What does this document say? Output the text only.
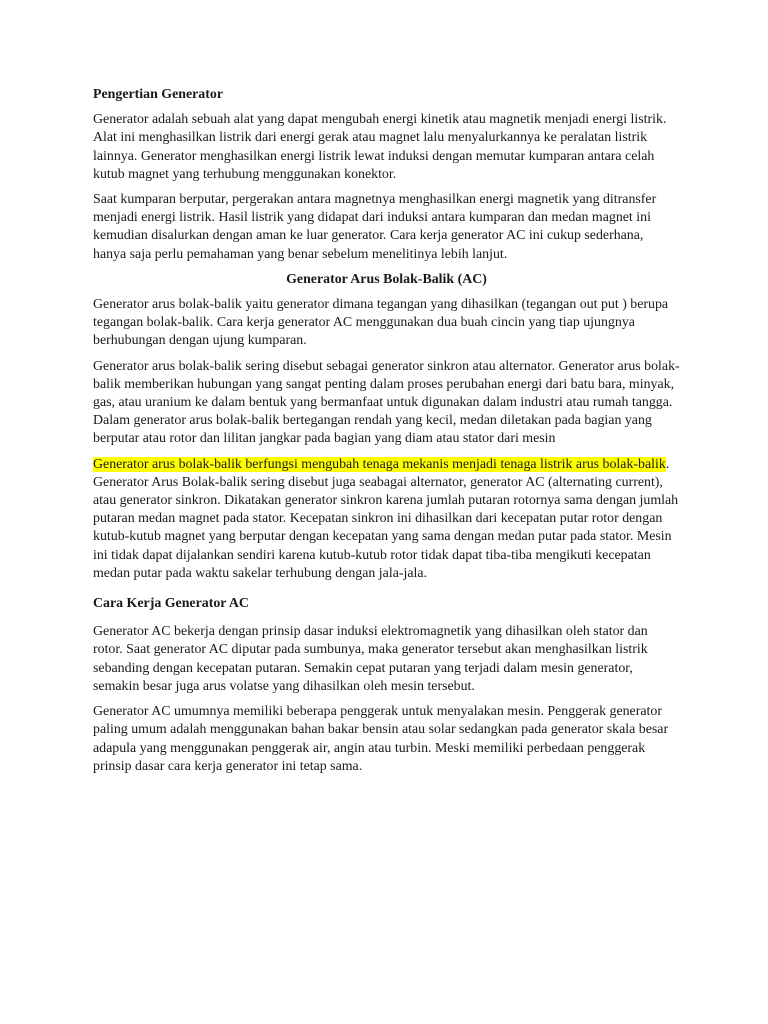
Pengertian Generator

Generator adalah sebuah alat yang dapat mengubah energi kinetik atau magnetik menjadi energi listrik. Alat ini menghasilkan listrik dari energi gerak atau magnet lalu menyalurkannya ke peralatan listrik lainnya. Generator menghasilkan energi listrik lewat induksi dengan memutar kumparan antara celah kutub magnet yang terhubung menggunakan konektor.

Saat kumparan berputar, pergerakan antara magnetnya menghasilkan energi magnetik yang ditransfer menjadi energi listrik. Hasil listrik yang didapat dari induksi antara kumparan dan medan magnet ini kemudian disalurkan dengan aman ke luar generator. Cara kerja generator AC ini cukup sederhana, hanya saja perlu pemahaman yang benar sebelum menelitinya lebih lanjut.

Generator Arus Bolak-Balik (AC)

Generator arus bolak-balik yaitu generator dimana tegangan yang dihasilkan (tegangan out put ) berupa tegangan bolak-balik. Cara kerja generator AC menggunakan dua buah cincin yang tiap ujungnya berhubungan dengan ujung kumparan.

Generator arus bolak-balik sering disebut sebagai generator sinkron atau alternator. Generator arus bolak-balik memberikan hubungan yang sangat penting dalam proses perubahan energi dari batu bara, minyak, gas, atau uranium ke dalam bentuk yang bermanfaat untuk digunakan dalam industri atau rumah tangga. Dalam generator arus bolak-balik bertegangan rendah yang kecil, medan diletakan pada bagian yang berputar atau rotor dan lilitan jangkar pada bagian yang diam atau stator dari mesin

Generator arus bolak-balik berfungsi mengubah tenaga mekanis menjadi tenaga listrik arus bolak-balik. Generator Arus Bolak-balik sering disebut juga seabagai alternator, generator AC (alternating current), atau generator sinkron. Dikatakan generator sinkron karena jumlah putaran rotornya sama dengan jumlah putaran medan magnet pada stator. Kecepatan sinkron ini dihasilkan dari kecepatan putar rotor dengan kutub-kutub magnet yang berputar dengan kecepatan yang sama dengan medan putar pada stator. Mesin ini tidak dapat dijalankan sendiri karena kutub-kutub rotor tidak dapat tiba-tiba mengikuti kecepatan medan putar pada waktu sakelar terhubung dengan jala-jala.

Cara Kerja Generator AC

Generator AC bekerja dengan prinsip dasar induksi elektromagnetik yang dihasilkan oleh stator dan rotor. Saat generator AC diputar pada sumbunya, maka generator tersebut akan menghasilkan listrik sebanding dengan kecepatan putaran. Semakin cepat putaran yang terjadi dalam mesin generator, semakin besar juga arus volatse yang dihasilkan oleh mesin tersebut.

Generator AC umumnya memiliki beberapa penggerak untuk menyalakan mesin. Penggerak generator paling umum adalah menggunakan bahan bakar bensin atau solar sedangkan pada generator skala besar adapula yang menggunakan penggerak air, angin atau turbin. Meski memiliki perbedaan penggerak prinsip dasar cara kerja generator ini tetap sama.
